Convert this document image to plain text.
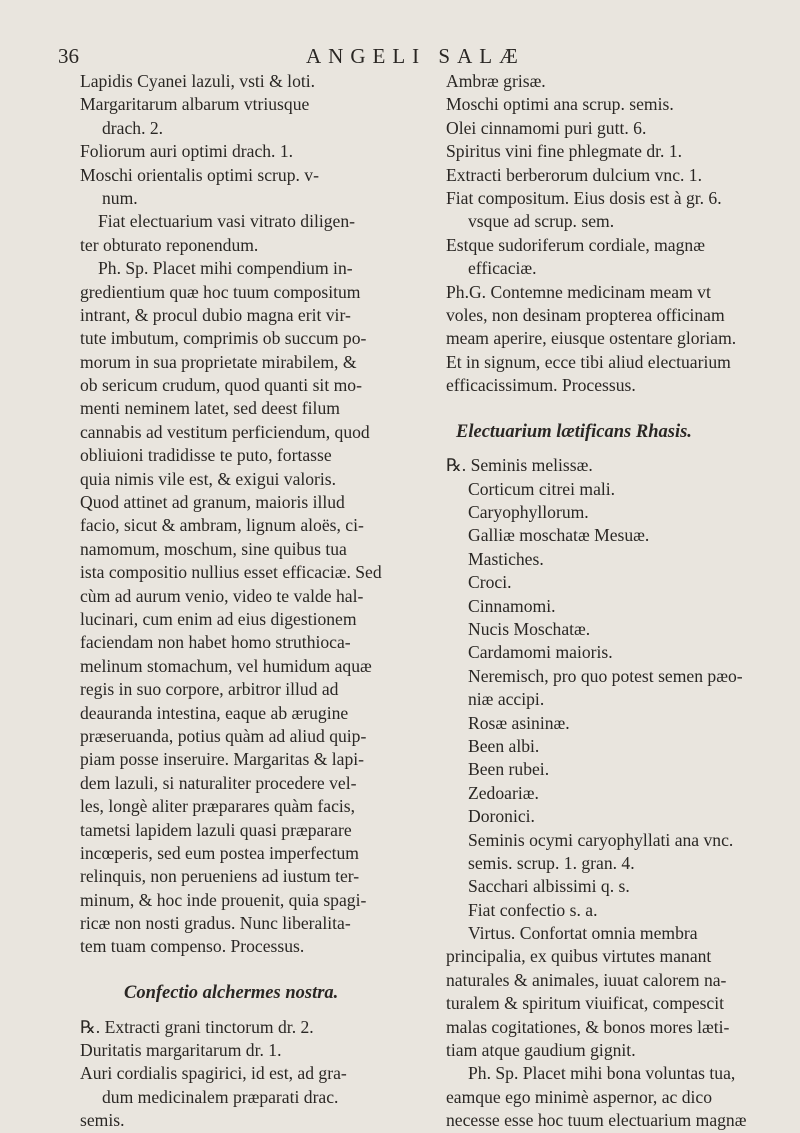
36	ANGELI SALÆ
Lapidis Cyanei lazuli, vsti & loti.
Margaritarum albarum vtriusque
drach. 2.
Foliorum auri optimi drach. 1.
Moschi orientalis optimi scrup. v-
num.
Fiat electuarium vasi vitrato diligen-
ter obturato reponendum.
Ph. Sp. Placet mihi compendium in-
gredientium quæ hoc tuum compositum
intrant, & procul dubio magna erit vir-
tute imbutum, comprimis ob succum po-
morum in sua proprietate mirabilem, &
ob sericum crudum, quod quanti sit mo-
menti neminem latet, sed deest filum
cannabis ad vestitum perficiendum, quod
obliuioni tradidisse te puto, fortasse
quia nimis vile est, & exigui valoris.
Quod attinet ad granum, maioris illud
facio, sicut & ambram, lignum aloës, ci-
namomum, moschum, sine quibus tua
ista compositio nullius esset efficaciæ. Sed
cùm ad aurum venio, video te valde hal-
lucinari, cum enim ad eius digestionem
faciendam non habet homo struthioca-
melinum stomachum, vel humidum aquæ
regis in suo corpore, arbitror illud ad
deauranda intestina, eaque ab ærugine
præseruanda, potius quàm ad aliud quip-
piam posse inseruire. Margaritas & lapi-
dem lazuli, si naturaliter procedere vel-
les, longè aliter præparares quàm facis,
tametsi lapidem lazuli quasi præparare
incœperis, sed eum postea imperfectum
relinquis, non perueniens ad iustum ter-
minum, & hoc inde prouenit, quia spagi-
ricæ non nosti gradus. Nunc liberalita-
tem tuam compenso. Processus.
Confectio alchermes nostra.
℞. Extracti grani tinctorum dr. 2.
Duritatis margaritarum dr. 1.
Auri cordialis spagirici, id est, ad gra-
dum medicinalem præparati drac.
semis.
Ambræ grisæ.
Moschi optimi ana scrup. semis.
Olei cinnamomi puri gutt. 6.
Spiritus vini fine phlegmate dr. 1.
Extracti berberorum dulcium vnc. 1.
Fiat compositum. Eius dosis est à gr. 6.
vsque ad scrup. sem.
Estque sudoriferum cordiale, magnæ
efficaciæ.
Ph.G. Contemne medicinam meam vt
voles, non desinam propterea officinam
meam aperire, eiusque ostentare gloriam.
Et in signum, ecce tibi aliud electuarium
efficacissimum. Processus.
Electuarium lætificans Rhasis.
℞. Seminis melissæ.
Corticum citrei mali.
Caryophyllorum.
Galliæ moschatæ Mesuæ.
Mastiches.
Croci.
Cinnamomi.
Nucis Moschatæ.
Cardamomi maioris.
Neremisch, pro quo potest semen pæo-
niæ accipi.
Rosæ asininæ.
Been albi.
Been rubei.
Zedoariæ.
Doronici.
Seminis ocymi caryophyllati ana vnc.
semis. scrup. 1. gran. 4.
Sacchari albissimi q. s.
Fiat confectio s. a.
Virtus. Confortat omnia membra
principalia, ex quibus virtutes manant
naturales & animales, iuuat calorem na-
turalem & spiritum viuificat, compescit
malas cogitationes, & bonos mores læti-
tiam atque gaudium gignit.
Ph. Sp. Placet mihi bona voluntas tua,
eamque ego minimè aspernor, ac dico
necesse esse hoc tuum electuarium magnæ
